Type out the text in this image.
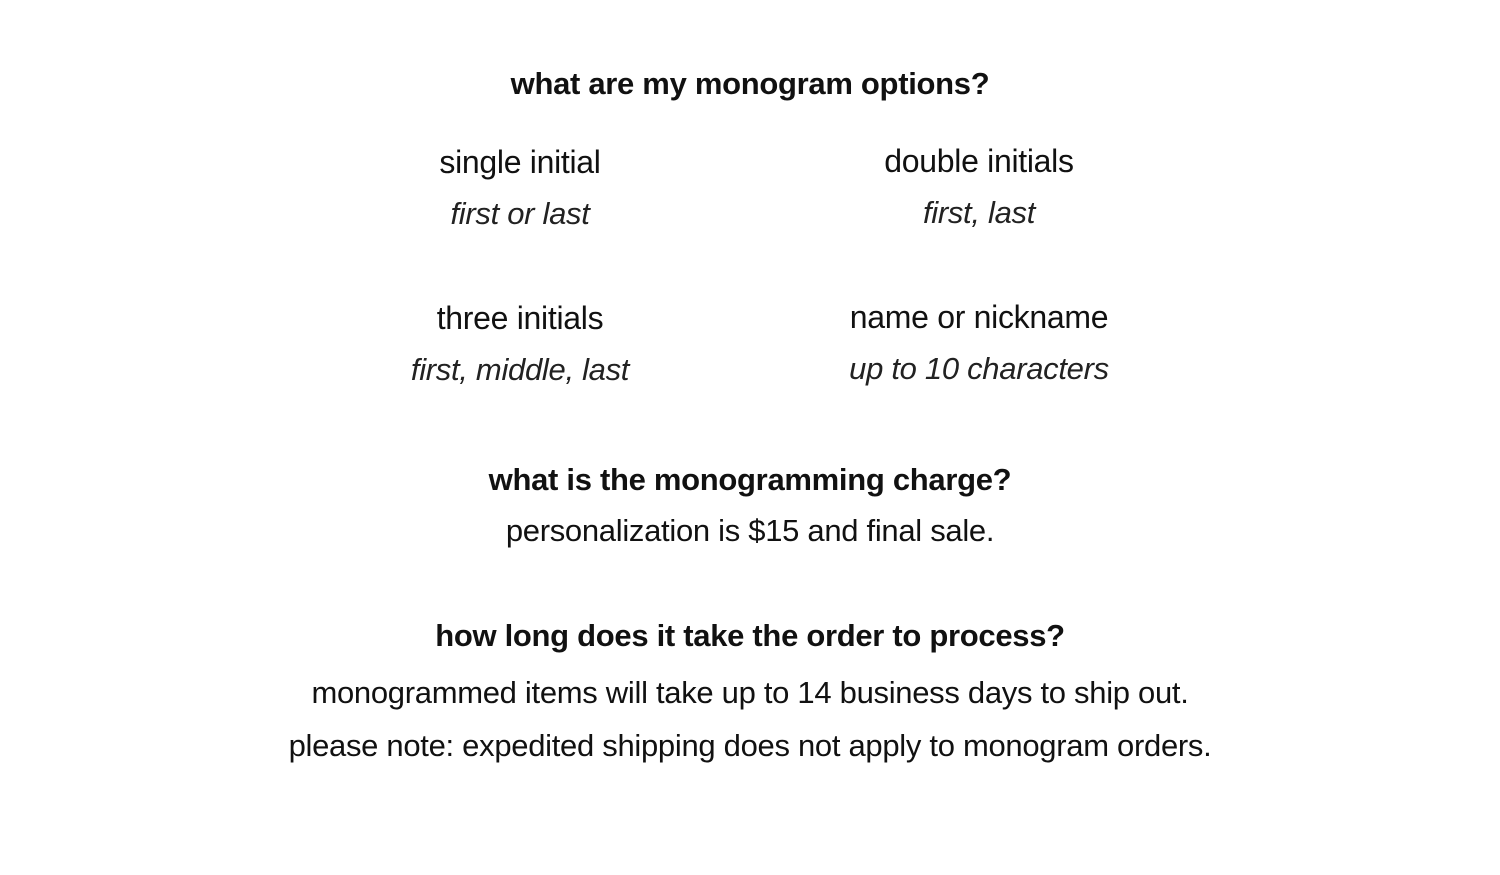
what are my monogram options?
single initial
first or last
double initials
first, last
three initials
first, middle, last
name or nickname
up to 10 characters
what is the monogramming charge?
personalization is $15 and final sale.
how long does it take the order to process?
monogrammed items will take up to 14 business days to ship out. please note: expedited shipping does not apply to monogram orders.
